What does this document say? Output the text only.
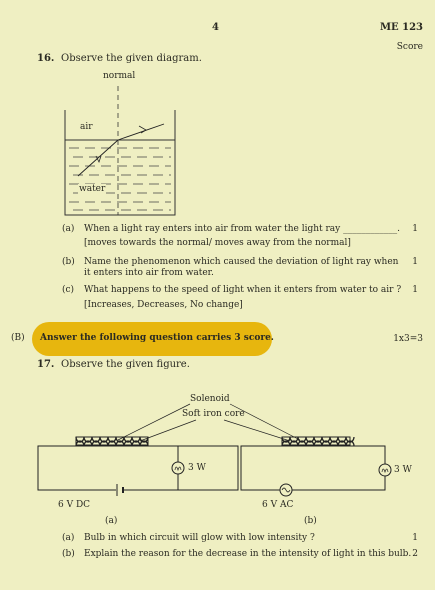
4	ME 123
Score
16. Observe the given diagram.
normal
air
water
(a) When a light ray enters into air from water the light ray ____________.
[moves towards the normal/ moves away from the normal]
1
(b) Name the phenomenon which caused the deviation of light ray when it enters into air from water.
1
(c) What happens to the speed of light when it enters from water to air ?
[Increases, Decreases, No change]
1
(B) Answer the following question carries 3 score.	1x3=3
17. Observe the given figure.
Solenoid
Soft iron core
3 W	3 W
6 V DC	6 V AC
(a)	(b)
(a) Bulb in which circuit will glow with low intensity ?	1
(b) Explain the reason for the decrease in the intensity of light in this bulb. 2
